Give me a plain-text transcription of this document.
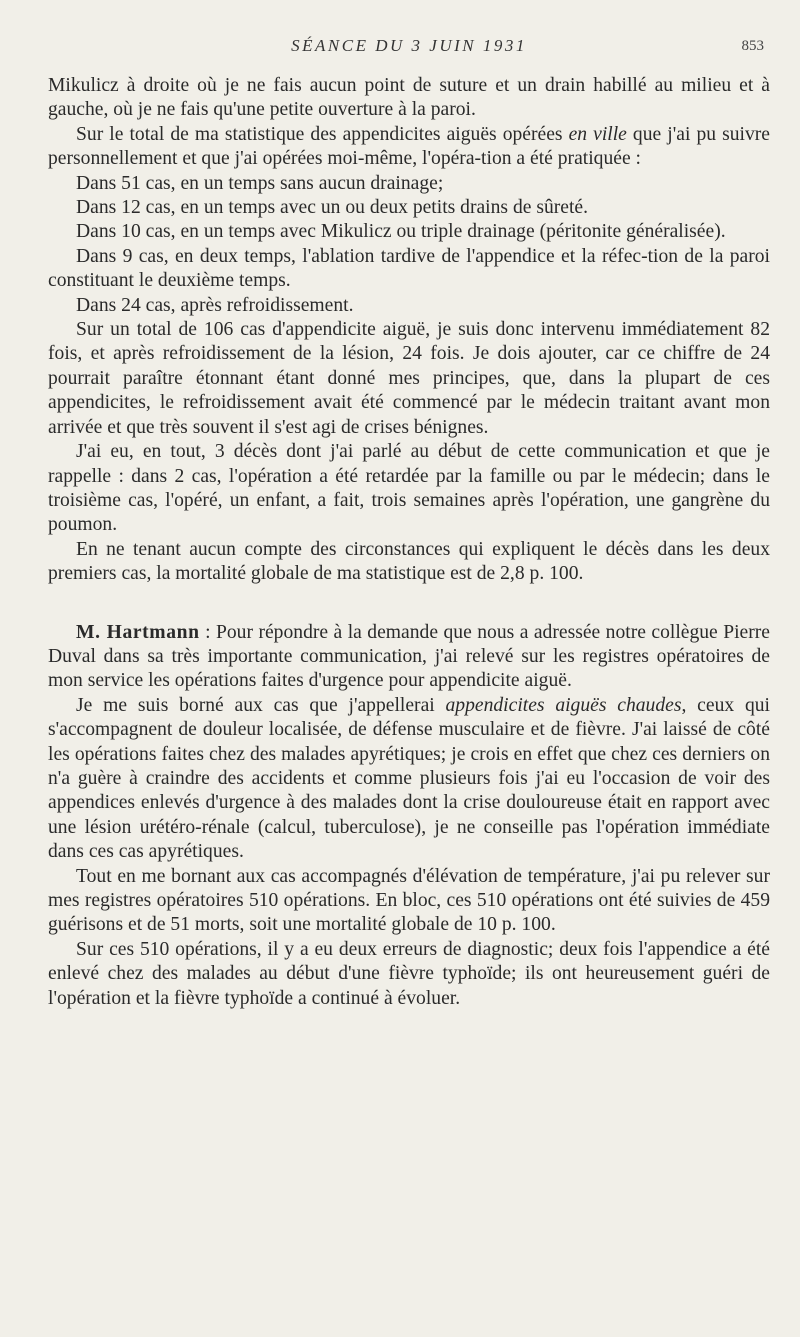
SÉANCE DU 3 JUIN 1931	853

Mikulicz à droite où je ne fais aucun point de suture et un drain habillé au milieu et à gauche, où je ne fais qu'une petite ouverture à la paroi.

Sur le total de ma statistique des appendicites aiguës opérées en ville que j'ai pu suivre personnellement et que j'ai opérées moi-même, l'opéra-tion a été pratiquée :

Dans 51 cas, en un temps sans aucun drainage;

Dans 12 cas, en un temps avec un ou deux petits drains de sûreté.

Dans 10 cas, en un temps avec Mikulicz ou triple drainage (péritonite généralisée).

Dans 9 cas, en deux temps, l'ablation tardive de l'appendice et la réfec-tion de la paroi constituant le deuxième temps.

Dans 24 cas, après refroidissement.

Sur un total de 106 cas d'appendicite aiguë, je suis donc intervenu immédiatement 82 fois, et après refroidissement de la lésion, 24 fois. Je dois ajouter, car ce chiffre de 24 pourrait paraître étonnant étant donné mes principes, que, dans la plupart de ces appendicites, le refroidissement avait été commencé par le médecin traitant avant mon arrivée et que très souvent il s'est agi de crises bénignes.

J'ai eu, en tout, 3 décès dont j'ai parlé au début de cette communication et que je rappelle : dans 2 cas, l'opération a été retardée par la famille ou par le médecin; dans le troisième cas, l'opéré, un enfant, a fait, trois semaines après l'opération, une gangrène du poumon.

En ne tenant aucun compte des circonstances qui expliquent le décès dans les deux premiers cas, la mortalité globale de ma statistique est de 2,8 p. 100.

M. Hartmann : Pour répondre à la demande que nous a adressée notre collègue Pierre Duval dans sa très importante communication, j'ai relevé sur les registres opératoires de mon service les opérations faites d'urgence pour appendicite aiguë.

Je me suis borné aux cas que j'appellerai appendicites aiguës chaudes, ceux qui s'accompagnent de douleur localisée, de défense musculaire et de fièvre. J'ai laissé de côté les opérations faites chez des malades apyrétiques; je crois en effet que chez ces derniers on n'a guère à craindre des accidents et comme plusieurs fois j'ai eu l'occasion de voir des appendices enlevés d'urgence à des malades dont la crise douloureuse était en rapport avec une lésion urétéro-rénale (calcul, tuberculose), je ne conseille pas l'opération immédiate dans ces cas apyrétiques.

Tout en me bornant aux cas accompagnés d'élévation de température, j'ai pu relever sur mes registres opératoires 510 opérations. En bloc, ces 510 opérations ont été suivies de 459 guérisons et de 51 morts, soit une mortalité globale de 10 p. 100.

Sur ces 510 opérations, il y a eu deux erreurs de diagnostic; deux fois l'appendice a été enlevé chez des malades au début d'une fièvre typhoïde; ils ont heureusement guéri de l'opération et la fièvre typhoïde a continué à évoluer.
